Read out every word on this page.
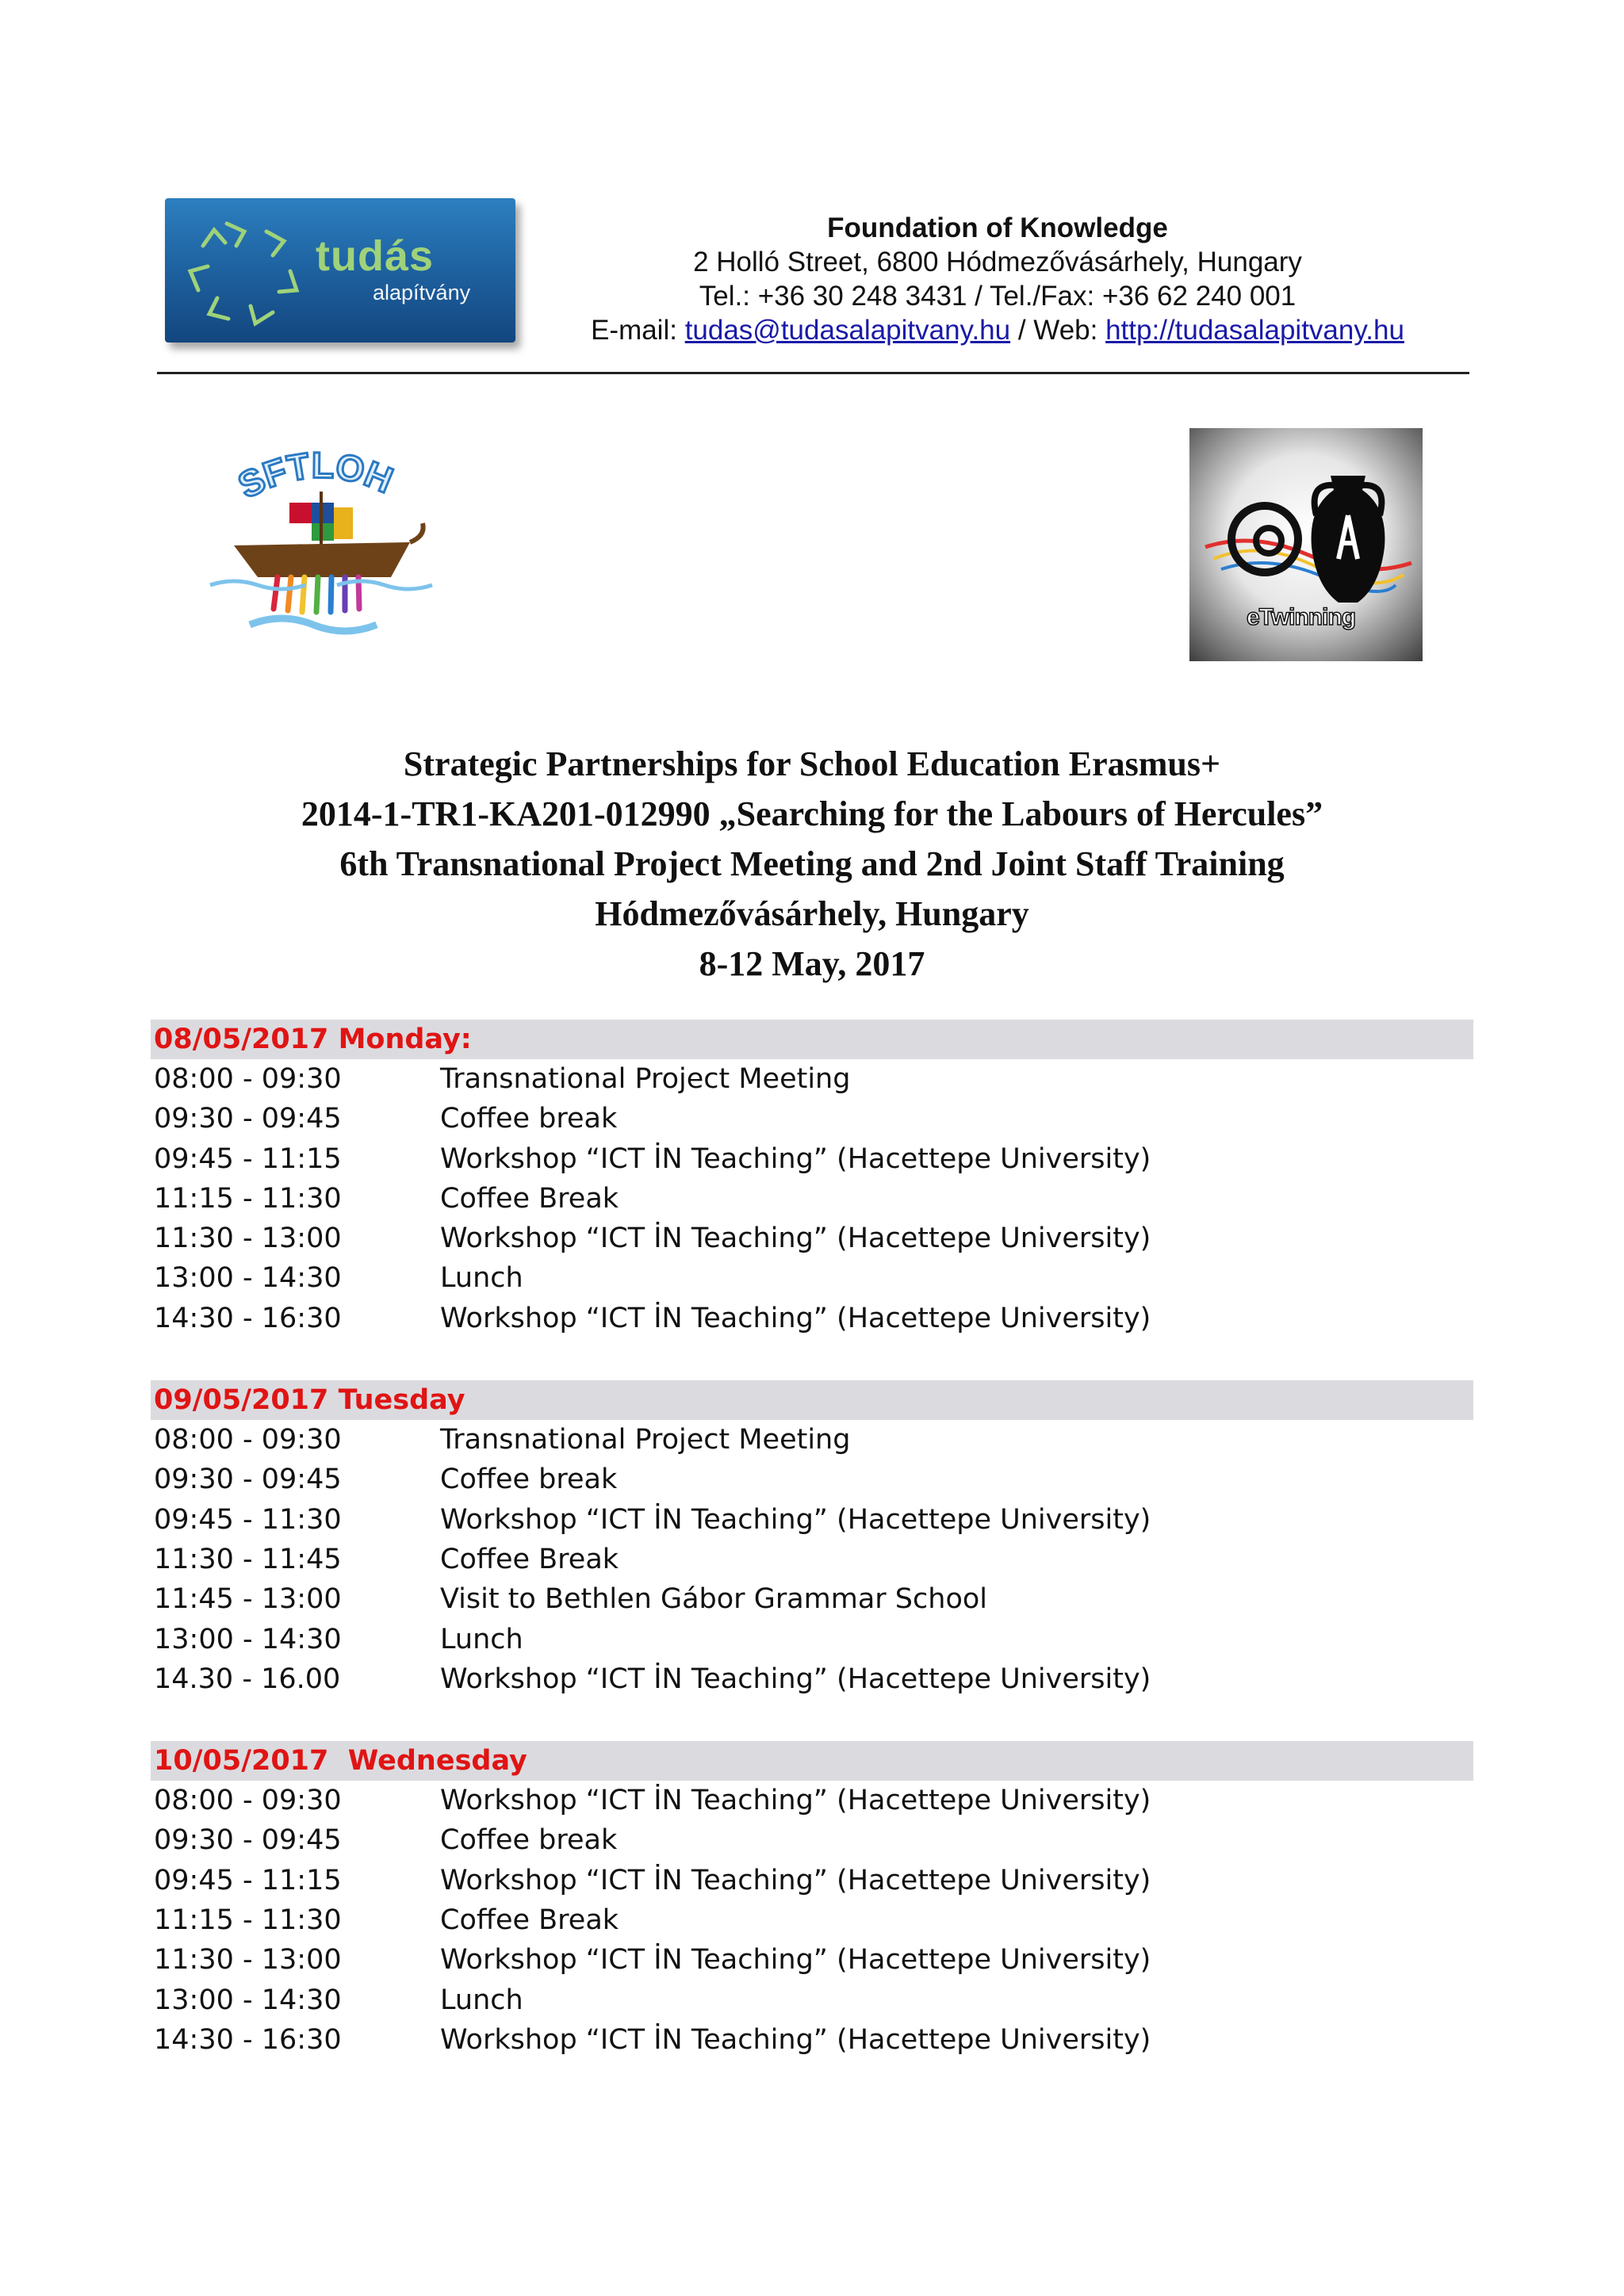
tudás
alapítvány
Foundation of Knowledge
2 Holló Street, 6800 Hódmezővásárhely, Hungary
Tel.: +36 30 248 3431 / Tel./Fax: +36 62 240 001
E-mail: tudas@tudasalapitvany.hu / Web: http://tudasalapitvany.hu
SFTLOH
eTwinning
Strategic Partnerships for School Education Erasmus+
2014-1-TR1-KA201-012990 „Searching for the Labours of Hercules”
6th Transnational Project Meeting and 2nd Joint Staff Training
Hódmezővásárhely, Hungary
8-12 May, 2017
08/05/2017 Monday:
08:00 - 09:30	Transnational Project Meeting
09:30 - 09:45	Coffee break
09:45 - 11:15	Workshop “ICT İN Teaching” (Hacettepe University)
11:15 - 11:30	Coffee Break
11:30 - 13:00	Workshop “ICT İN Teaching” (Hacettepe University)
13:00 - 14:30	Lunch
14:30 - 16:30	Workshop “ICT İN Teaching” (Hacettepe University)
09/05/2017 Tuesday
08:00 - 09:30	Transnational Project Meeting
09:30 - 09:45	Coffee break
09:45 - 11:30	Workshop “ICT İN Teaching” (Hacettepe University)
11:30 - 11:45	Coffee Break
11:45 - 13:00	Visit to Bethlen Gábor Grammar School
13:00 - 14:30	Lunch
14.30 - 16.00	Workshop “ICT İN Teaching” (Hacettepe University)
10/05/2017  Wednesday
08:00 - 09:30	Workshop “ICT İN Teaching” (Hacettepe University)
09:30 - 09:45	Coffee break
09:45 - 11:15	Workshop “ICT İN Teaching” (Hacettepe University)
11:15 - 11:30	Coffee Break
11:30 - 13:00	Workshop “ICT İN Teaching” (Hacettepe University)
13:00 - 14:30	Lunch
14:30 - 16:30	Workshop “ICT İN Teaching” (Hacettepe University)
